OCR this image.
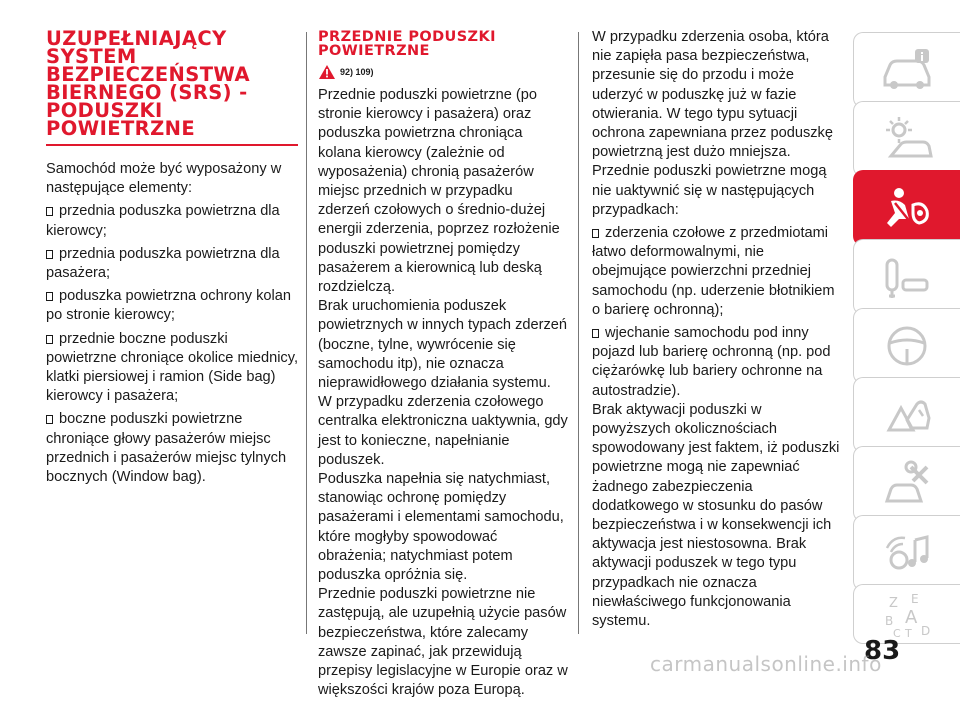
UZUPEŁNIAJĄCY
SYSTEM
BEZPIECZEŃSTWA
BIERNEGO (SRS) -
PODUSZKI
POWIETRZNE

Samochód może być wyposażony w następujące elementy:

przednia poduszka powietrzna dla kierowcy;

przednia poduszka powietrzna dla pasażera;

poduszka powietrzna ochrony kolan po stronie kierowcy;

przednie boczne poduszki powietrzne chroniące okolice miednicy, klatki piersiowej i ramion (Side bag) kierowcy i pasażera;

boczne poduszki powietrzne chroniące głowy pasażerów miejsc przednich i pasażerów miejsc tylnych bocznych (Window bag).

PRZEDNIE PODUSZKI
POWIETRZNE
92) 109)

Przednie poduszki powietrzne (po stronie kierowcy i pasażera) oraz poduszka powietrzna chroniąca kolana kierowcy (zależnie od wyposażenia) chronią pasażerów miejsc przednich w przypadku zderzeń czołowych o średnio-dużej energii zderzenia, poprzez rozłożenie poduszki powietrznej pomiędzy pasażerem a kierownicą lub deską rozdzielczą.

Brak uruchomienia poduszek powietrznych w innych typach zderzeń (boczne, tylne, wywrócenie się samochodu itp), nie oznacza nieprawidłowego działania systemu.

W przypadku zderzenia czołowego centralka elektroniczna uaktywnia, gdy jest to konieczne, napełnianie poduszek.

Poduszka napełnia się natychmiast, stanowiąc ochronę pomiędzy pasażerami i elementami samochodu, które mogłyby spowodować obrażenia; natychmiast potem poduszka opróżnia się.

Przednie poduszki powietrzne nie zastępują, ale uzupełnią użycie pasów bezpieczeństwa, które zalecamy zawsze zapinać, jak przewidują przepisy legislacyjne w Europie oraz w większości krajów poza Europą.

W przypadku zderzenia osoba, która nie zapięła pasa bezpieczeństwa, przesunie się do przodu i może uderzyć w poduszkę już w fazie otwierania. W tego typu sytuacji ochrona zapewniana przez poduszkę powietrzną jest dużo mniejsza.

Przednie poduszki powietrzne mogą nie uaktywnić się w następujących przypadkach:

zderzenia czołowe z przedmiotami łatwo deformowalnymi, nie obejmujące powierzchni przedniej samochodu (np. uderzenie błotnikiem o barierę ochronną);

wjechanie samochodu pod inny pojazd lub barierę ochronną (np. pod ciężarówkę lub bariery ochronne na autostradzie).

Brak aktywacji poduszki w powyższych okolicznościach spowodowany jest faktem, iż poduszki powietrzne mogą nie zapewniać żadnego zabezpieczenia dodatkowego w stosunku do pasów bezpieczeństwa i w konsekwencji ich aktywacja jest niestosowna. Brak aktywacji poduszek w tego typu przypadkach nie oznacza niewłaściwego funkcjonowania systemu.

Z E
B A
C T D
83
carmanualsonline.info
